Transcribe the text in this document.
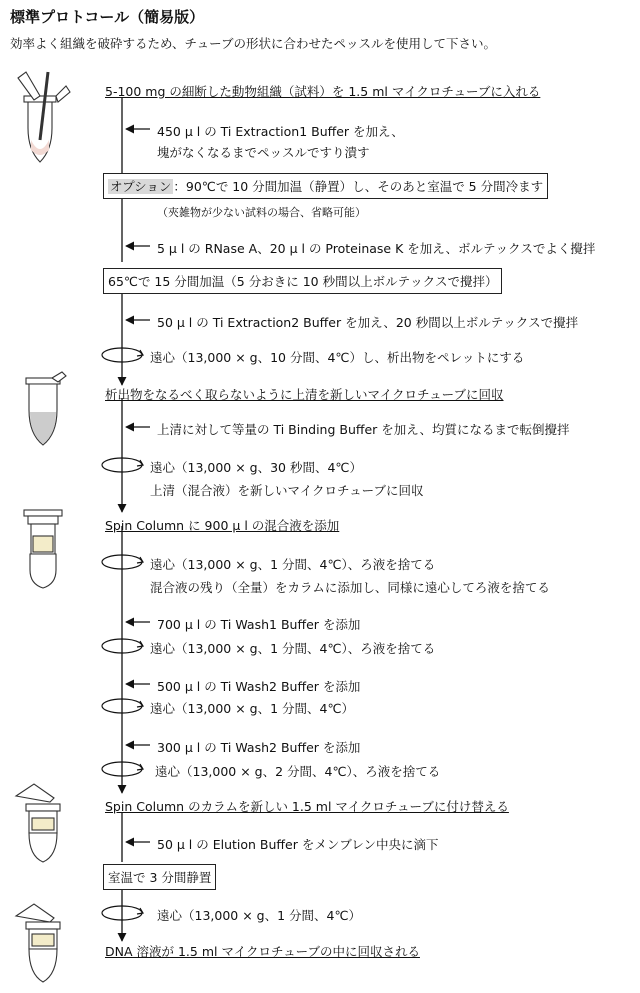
標準プロトコール（簡易版）
効率よく組織を破砕するため、チューブの形状に合わせたペッスルを使用して下さい。
5-100 mg の細断した動物組織（試料）を 1.5 ml マイクロチューブに入れる
450 μ l の Ti Extraction1 Buffer を加え、
塊がなくなるまでペッスルですり潰す
オプション ：90℃で 10 分間加温（静置）し、そのあと室温で 5 分間冷ます
（夾雑物が少ない試料の場合、省略可能）
5 μ l の RNase A、20 μ l の Proteinase K を加え、ボルテックスでよく攪拌
65℃で 15 分間加温（5 分おきに 10 秒間以上ボルテックスで攪拌）
50 μ l の Ti Extraction2 Buffer を加え、20 秒間以上ボルテックスで攪拌
遠心（13,000 × g、10 分間、4℃）し、析出物をペレットにする
析出物をなるべく取らないように上清を新しいマイクロチューブに回収
上清に対して等量の Ti Binding Buffer を加え、均質になるまで転倒攪拌
遠心（13,000 × g、30 秒間、4℃）
上清（混合液）を新しいマイクロチューブに回収
Spin Column に 900 μ l の混合液を添加
遠心（13,000 × g、1 分間、4℃）、ろ液を捨てる
混合液の残り（全量）をカラムに添加し、同様に遠心してろ液を捨てる
700 μ l の Ti Wash1 Buffer を添加
遠心（13,000 × g、1 分間、4℃）、ろ液を捨てる
500 μ l の Ti Wash2 Buffer を添加
遠心（13,000 × g、1 分間、4℃）
300 μ l の Ti Wash2 Buffer を添加
遠心（13,000 × g、2 分間、4℃）、ろ液を捨てる
Spin Column のカラムを新しい 1.5 ml マイクロチューブに付け替える
50 μ l の Elution Buffer をメンブレン中央に滴下
室温で 3 分間静置
遠心（13,000 × g、1 分間、4℃）
DNA 溶液が 1.5 ml マイクロチューブの中に回収される
